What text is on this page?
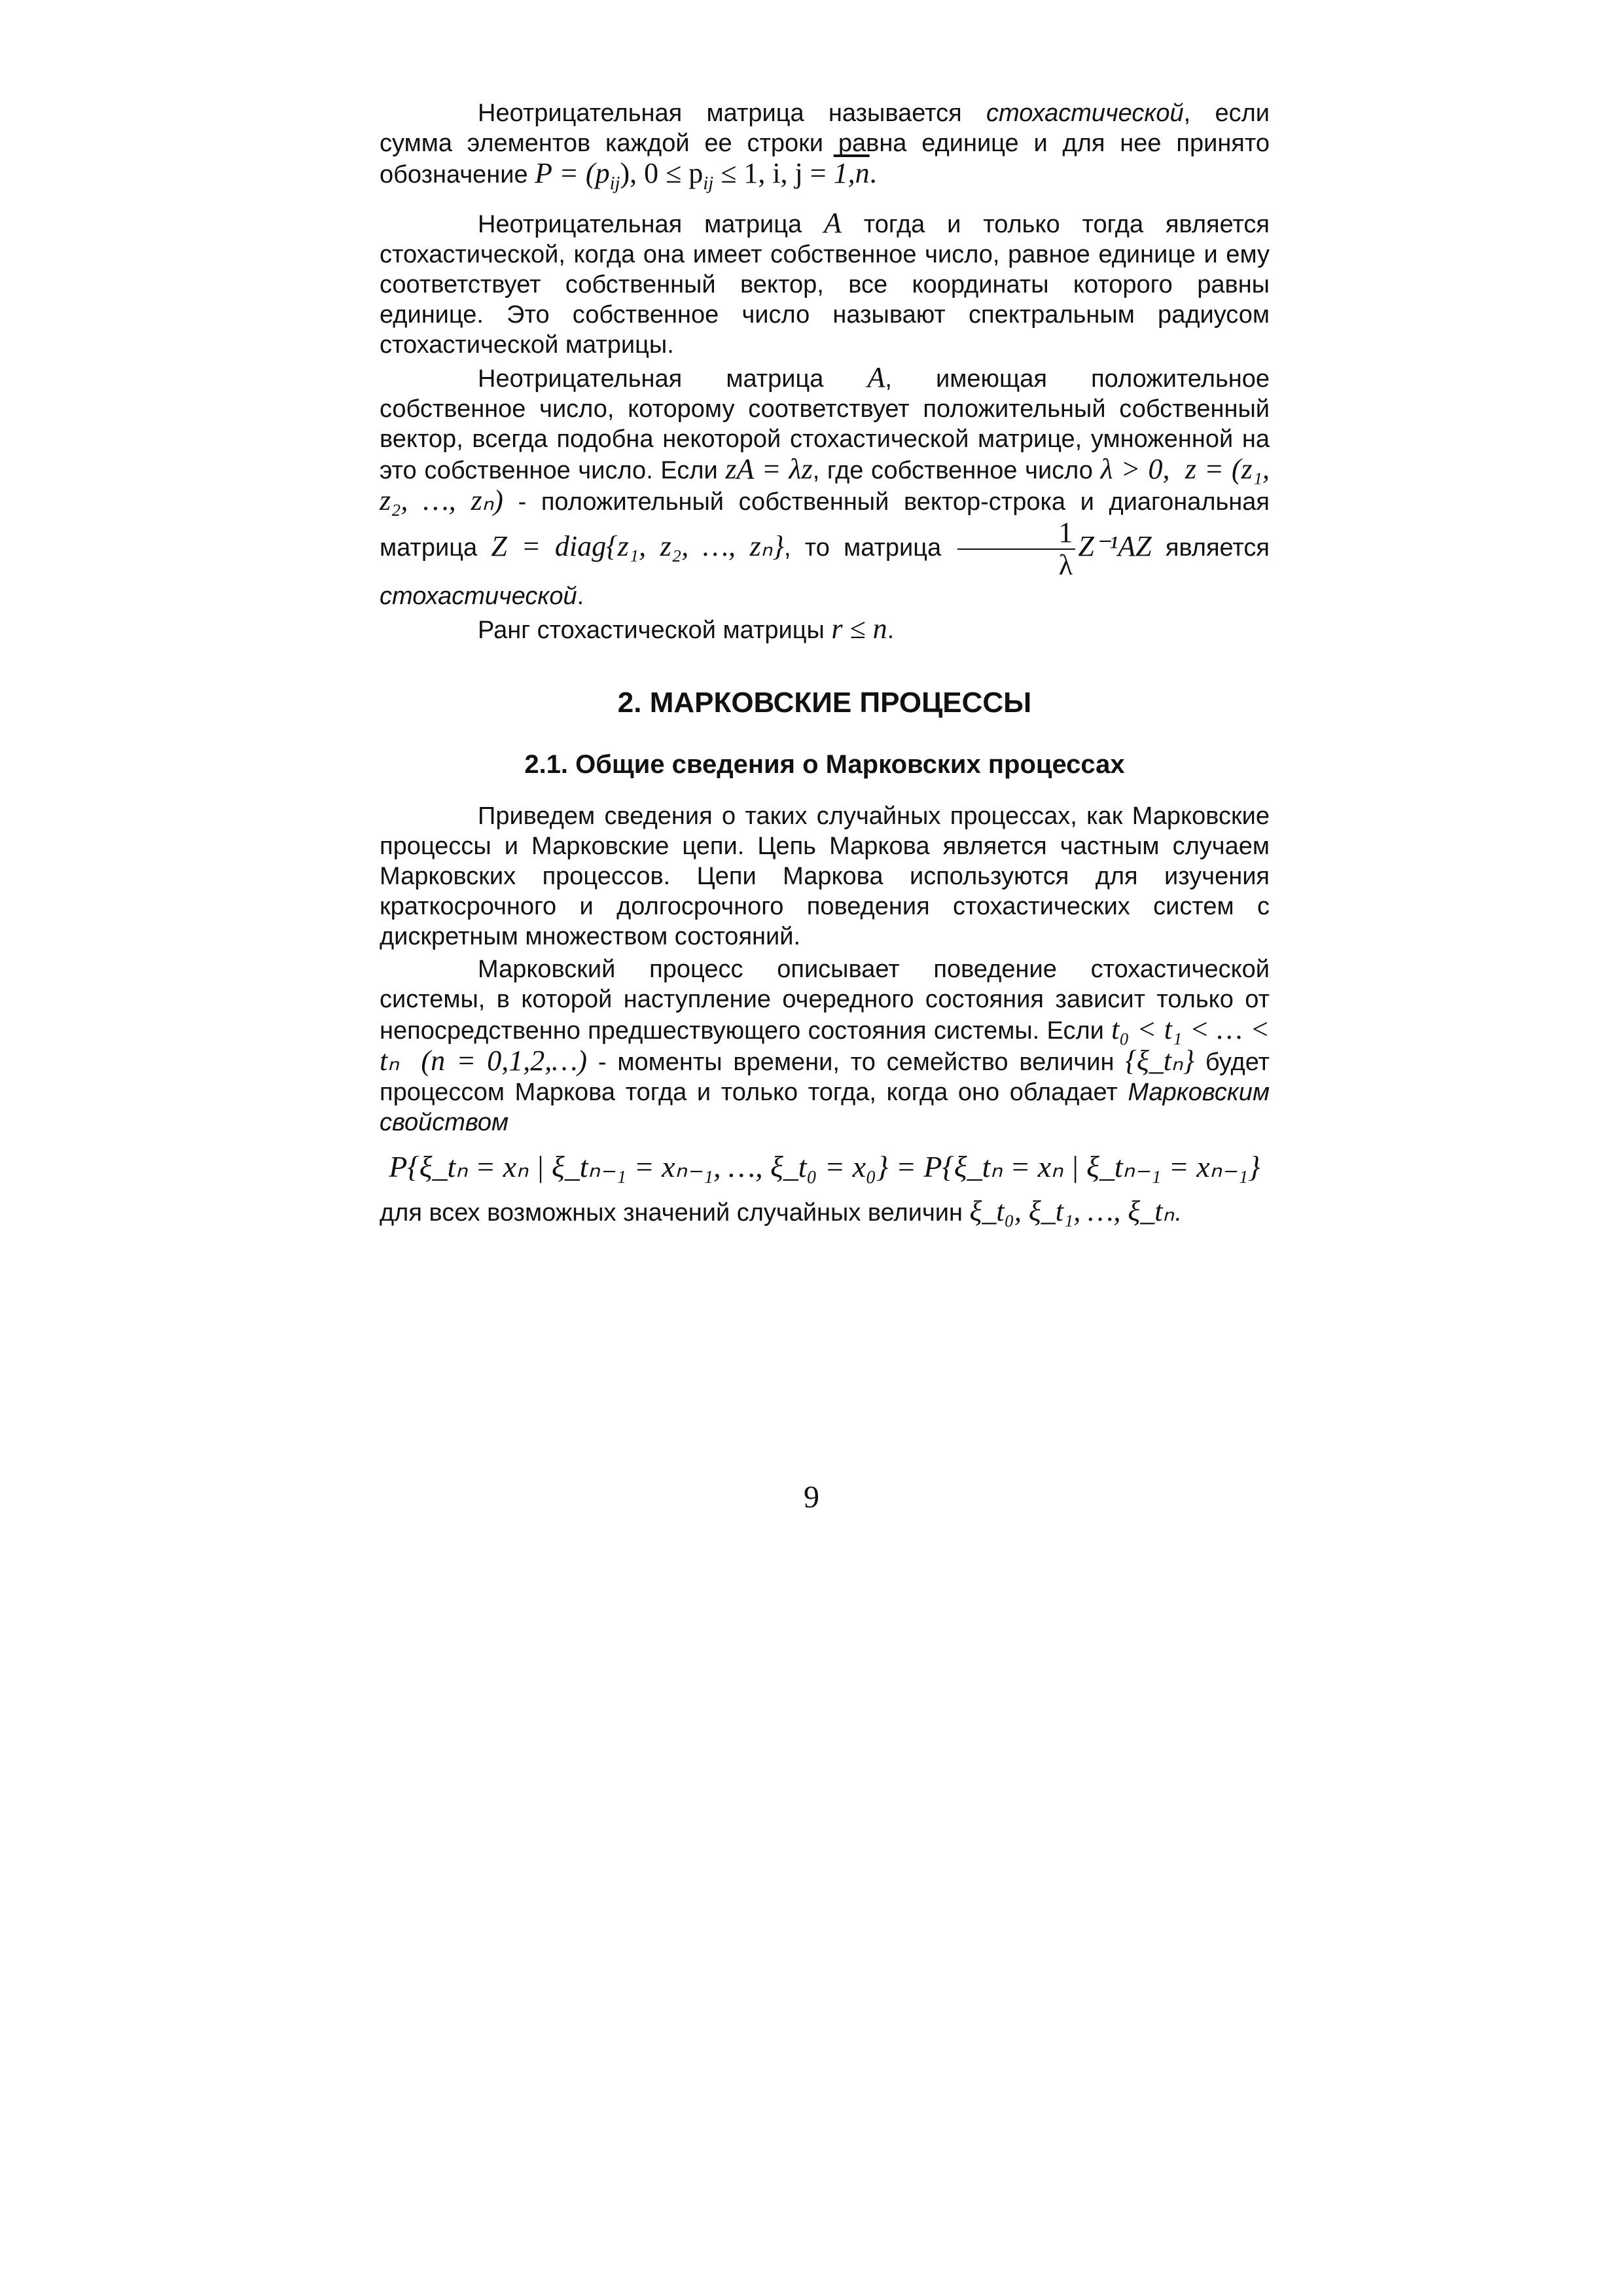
Неотрицательная матрица называется стохастической, если сумма элементов каждой ее строки равна единице и для нее принято обозначение $P = (p_{ij})$, $0 \le p_{ij} \le 1$, i, j = 1,n.

Неотрицательная матрица A тогда и только тогда является стохастической, когда она имеет собственное число, равное единице и ему соответствует собственный вектор, все координаты которого равны единице. Это собственное число называют спектральным радиусом стохастической матрицы.

Неотрицательная матрица A, имеющая положительное собственное число, которому соответствует положительный собственный вектор, всегда подобна некоторой стохастической матрице, умноженной на это собственное число. Если zA = λz, где собственное число λ > 0, z = (z₁, z₂, …, zₙ) - положительный собственный вектор-строка и диагональная матрица Z = diag{z₁, z₂, …, zₙ}, то матрица $\frac{1}{\lambda} Z^{-1}AZ$ является стохастической.

Ранг стохастической матрицы r ≤ n.

2. МАРКОВСКИЕ ПРОЦЕССЫ
2.1. Общие сведения о Марковских процессах

Приведем сведения о таких случайных процессах, как Марковские процессы и Марковские цепи. Цепь Маркова является частным случаем Марковских процессов. Цепи Маркова используются для изучения краткосрочного и долгосрочного поведения стохастических систем с дискретным множеством состояний.

Марковский процесс описывает поведение стохастической системы, в которой наступление очередного состояния зависит только от непосредственно предшествующего состояния системы. Если t₀ < t₁ < … < tₙ (n = 0,1,2,…) - моменты времени, то семейство величин {ξ_tₙ} будет процессом Маркова тогда и только тогда, когда оно обладает Марковским свойством

P{ξ_tₙ = xₙ | ξ_tₙ₋₁ = xₙ₋₁, …, ξ_t₀ = x₀} = P{ξ_tₙ = xₙ | ξ_tₙ₋₁ = xₙ₋₁}

для всех возможных значений случайных величин ξ_t₀, ξ_t₁, …, ξ_tₙ.

9
